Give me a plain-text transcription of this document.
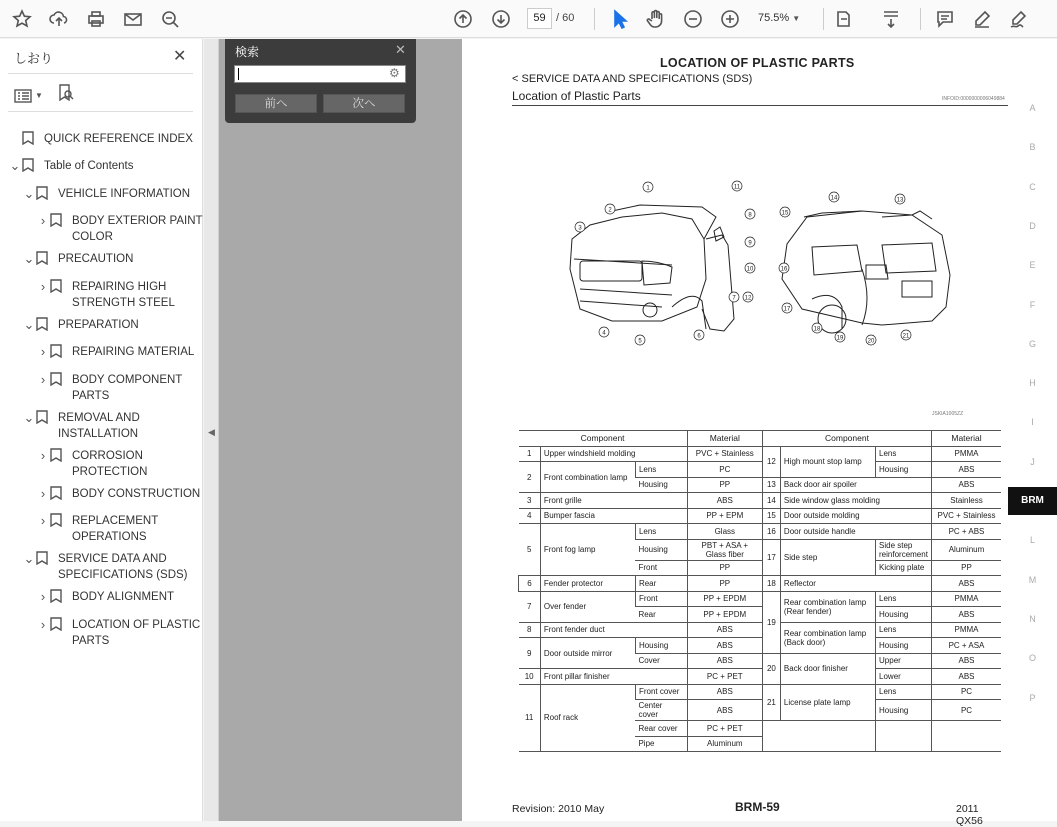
59 / 60	75.5% ▼
しおり	✕
▼
QUICK REFERENCE INDEX
⌄ Table of Contents
⌄ VEHICLE INFORMATION
›	BODY EXTERIOR PAINT COLOR
⌄ PRECAUTION
›	REPAIRING HIGH STRENGTH STEEL
⌄ PREPARATION
›	REPAIRING MATERIAL
›	BODY COMPONENT PARTS
⌄ REMOVAL AND INSTALLATION
›	CORROSION PROTECTION
›	BODY CONSTRUCTION
›	REPLACEMENT OPERATIONS
⌄ SERVICE DATA AND SPECIFICATIONS (SDS)
›	BODY ALIGNMENT
›	LOCATION OF PLASTIC PARTS
◀
検索	✕
⚙
前へ	次へ
LOCATION OF PLASTIC PARTS
< SERVICE DATA AND SPECIFICATIONS (SDS)
Location of Plastic Parts	INFOID:0000000006049884
1
2
3
4
5
6
7
8
9
10
11
12
13
14
15
16
17
18
19	20
21
JSKIA1005ZZ
Component			Material	Component			Material
1	Upper windshield molding		PVC + Stainless	12	High mount stop lamp	Lens	PMMA
2	Front combination lamp	Lens	PC			Housing	ABS
		Housing	PP	13	Back door air spoiler		ABS
3	Front grille		ABS	14	Side window glass molding		Stainless
4	Bumper fascia		PP + EPM	15	Door outside molding		PVC + Stainless
5	Front fog lamp	Lens	Glass	16	Door outside handle		PC + ABS
		Housing	PBT + ASA + Glass fiber	17	Side step	Side step reinforcement	Aluminum
		Front	PP			Kicking plate	PP
6	Fender protector	Rear	PP	18	Reflector		ABS
7	Over fender	Front	PP + EPDM	19	Rear combination lamp (Rear fender)	Lens	PMMA
		Rear	PP + EPDM			Housing	ABS
8	Front fender duct		ABS		Rear combination lamp (Back door)	Lens	PMMA
9	Door outside mirror	Housing	ABS			Housing	PC + ASA
		Cover	ABS	20	Back door finisher	Upper	ABS
10	Front pillar finisher		PC + PET			Lower	ABS
11	Roof rack	Front cover	ABS	21	License plate lamp	Lens	PC
		Center cover	ABS			Housing	PC
		Rear cover	PC + PET				
		Pipe	Aluminum				
Revision: 2010 May	BRM-59	2011 QX56
A
B
C
D
E
F
G
H
I
J
BRM
L
M
N
O
P
